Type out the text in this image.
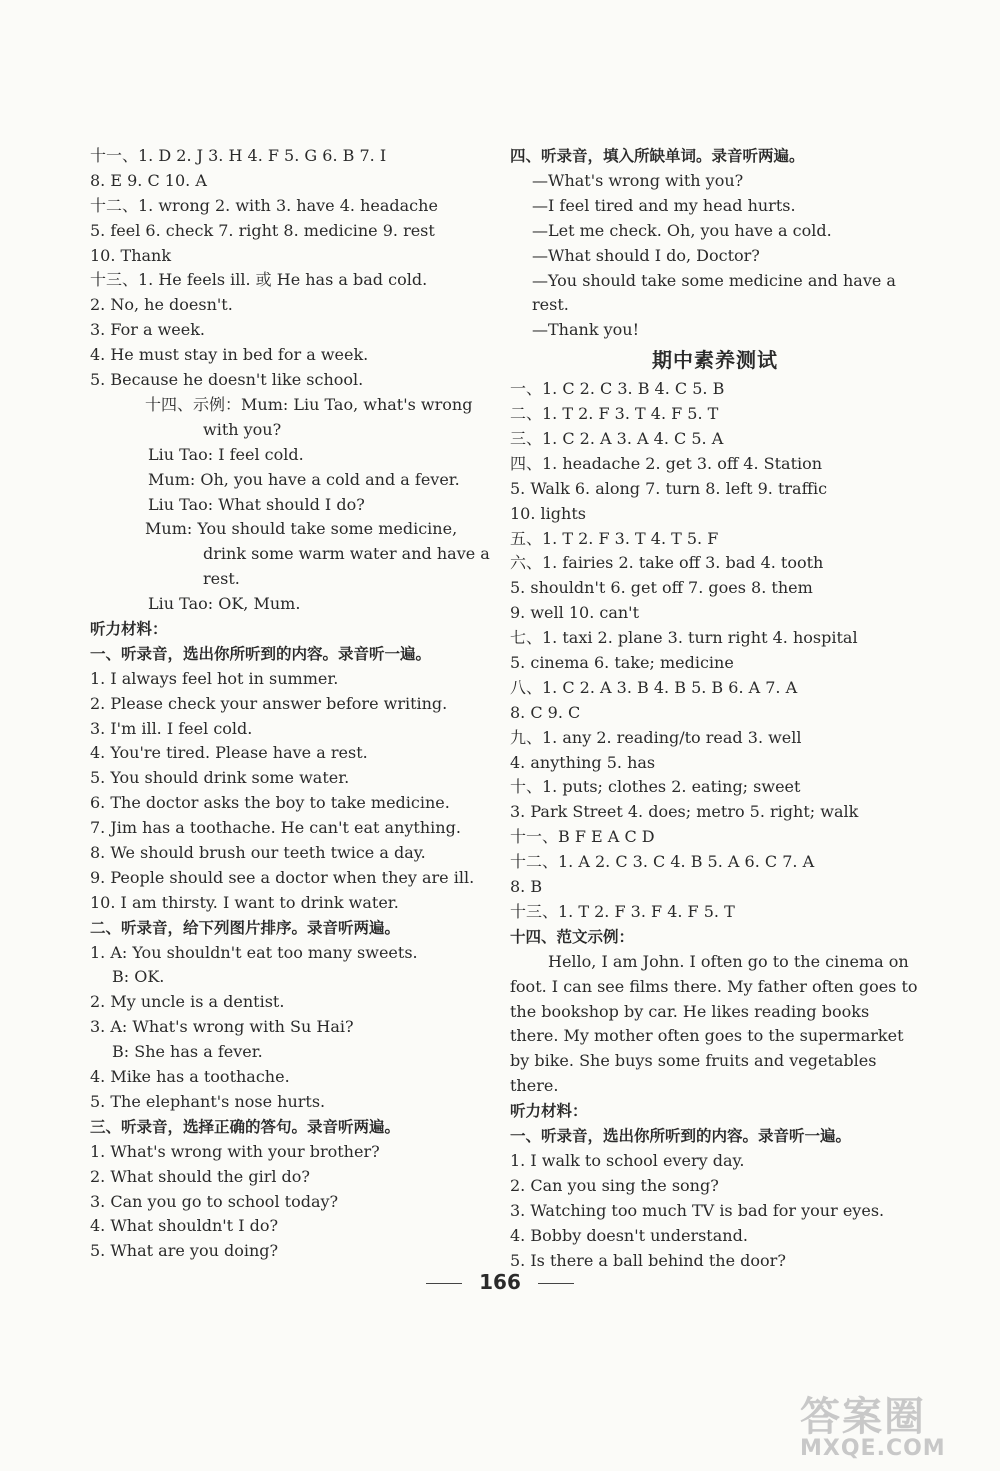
十一、1. D 2. J 3. H 4. F 5. G 6. B 7. I
8. E 9. C 10. A
十二、1. wrong 2. with 3. have 4. headache
5. feel 6. check 7. right 8. medicine 9. rest
10. Thank
十三、1. He feels ill. 或 He has a bad cold.
2. No, he doesn't.
3. For a week.
4. He must stay in bed for a week.
5. Because he doesn't like school.
十四、示例：Mum: Liu Tao, what's wrong with you?
Liu Tao: I feel cold.
Mum: Oh, you have a cold and a fever.
Liu Tao: What should I do?
Mum: You should take some medicine, drink some warm water and have a rest.
Liu Tao: OK, Mum.
听力材料：
一、听录音，选出你所听到的内容。录音听一遍。
1. I always feel hot in summer.
2. Please check your answer before writing.
3. I'm ill. I feel cold.
4. You're tired. Please have a rest.
5. You should drink some water.
6. The doctor asks the boy to take medicine.
7. Jim has a toothache. He can't eat anything.
8. We should brush our teeth twice a day.
9. People should see a doctor when they are ill.
10. I am thirsty. I want to drink water.
二、听录音，给下列图片排序。录音听两遍。
1. A: You shouldn't eat too many sweets.
B: OK.
2. My uncle is a dentist.
3. A: What's wrong with Su Hai?
B: She has a fever.
4. Mike has a toothache.
5. The elephant's nose hurts.
三、听录音，选择正确的答句。录音听两遍。
1. What's wrong with your brother?
2. What should the girl do?
3. Can you go to school today?
4. What shouldn't I do?
5. What are you doing?
四、听录音，填入所缺单词。录音听两遍。
—What's wrong with you?
—I feel tired and my head hurts.
—Let me check. Oh, you have a cold.
—What should I do, Doctor?
—You should take some medicine and have a rest.
—Thank you!
期中素养测试
一、1. C 2. C 3. B 4. C 5. B
二、1. T 2. F 3. T 4. F 5. T
三、1. C 2. A 3. A 4. C 5. A
四、1. headache 2. get 3. off 4. Station
5. Walk 6. along 7. turn 8. left 9. traffic
10. lights
五、1. T 2. F 3. T 4. T 5. F
六、1. fairies 2. take off 3. bad 4. tooth
5. shouldn't 6. get off 7. goes 8. them
9. well 10. can't
七、1. taxi 2. plane 3. turn right 4. hospital
5. cinema 6. take; medicine
八、1. C 2. A 3. B 4. B 5. B 6. A 7. A
8. C 9. C
九、1. any 2. reading/to read 3. well
4. anything 5. has
十、1. puts; clothes 2. eating; sweet
3. Park Street 4. does; metro 5. right; walk
十一、B F E A C D
十二、1. A 2. C 3. C 4. B 5. A 6. C 7. A
8. B
十三、1. T 2. F 3. F 4. F 5. T
十四、范文示例：
Hello, I am John. I often go to the cinema on foot. I can see films there. My father often goes to the bookshop by car. He likes reading books there. My mother often goes to the supermarket by bike. She buys some fruits and vegetables there.
听力材料：
一、听录音，选出你所听到的内容。录音听一遍。
1. I walk to school every day.
2. Can you sing the song?
3. Watching too much TV is bad for your eyes.
4. Bobby doesn't understand.
5. Is there a ball behind the door?
166
答案圈
MXQE.COM
